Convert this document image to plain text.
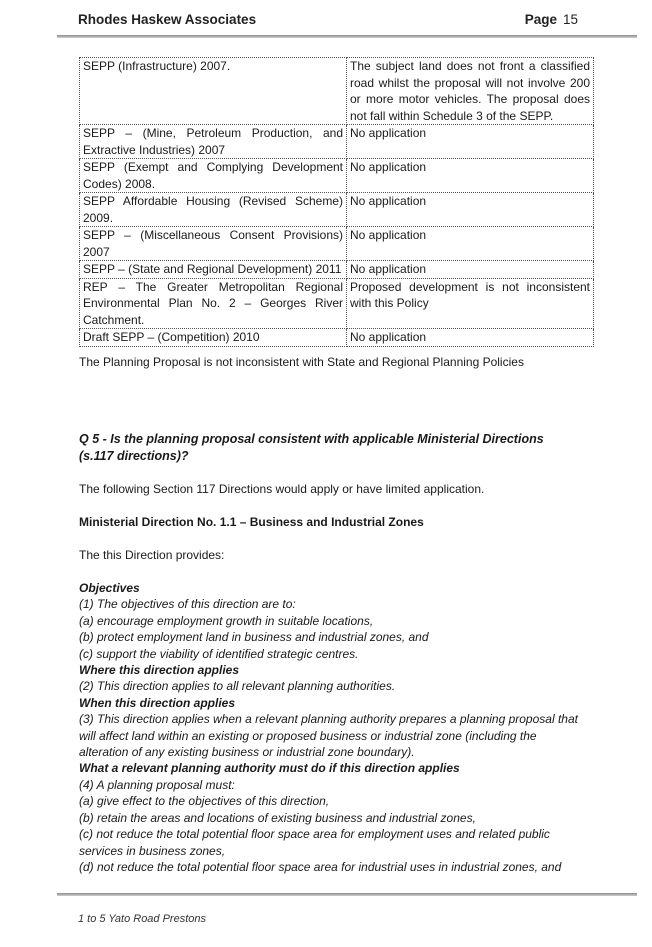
Rhodes Haskew Associates	Page 15
SEPP (Infrastructure) 2007.	The subject land does not front a classified road whilst the proposal will not involve 200 or more motor vehicles. The proposal does not fall within Schedule 3 of the SEPP.
SEPP – (Mine, Petroleum Production, and Extractive Industries) 2007	No application
SEPP (Exempt and Complying Development Codes) 2008.	No application
SEPP Affordable Housing (Revised Scheme) 2009.	No application
SEPP – (Miscellaneous Consent Provisions) 2007	No application
SEPP – (State and Regional Development) 2011	No application
REP – The Greater Metropolitan Regional Environmental Plan No. 2 – Georges River Catchment.	Proposed development is not inconsistent with this Policy
Draft SEPP – (Competition) 2010	No application
The Planning Proposal is not inconsistent with State and Regional Planning Policies
Q 5 - Is the planning proposal consistent with applicable Ministerial Directions (s.117 directions)?
The following Section 117 Directions would apply or have limited application.
Ministerial Direction No. 1.1 – Business and Industrial Zones
The this Direction provides:
Objectives
(1) The objectives of this direction are to:
(a) encourage employment growth in suitable locations,
(b) protect employment land in business and industrial zones, and
(c) support the viability of identified strategic centres.
Where this direction applies
(2) This direction applies to all relevant planning authorities.
When this direction applies
(3) This direction applies when a relevant planning authority prepares a planning proposal that will affect land within an existing or proposed business or industrial zone (including the alteration of any existing business or industrial zone boundary).
What a relevant planning authority must do if this direction applies
(4) A planning proposal must:
(a) give effect to the objectives of this direction,
(b) retain the areas and locations of existing business and industrial zones,
(c) not reduce the total potential floor space area for employment uses and related public services in business zones,
(d) not reduce the total potential floor space area for industrial uses in industrial zones, and
1 to 5 Yato Road Prestons
